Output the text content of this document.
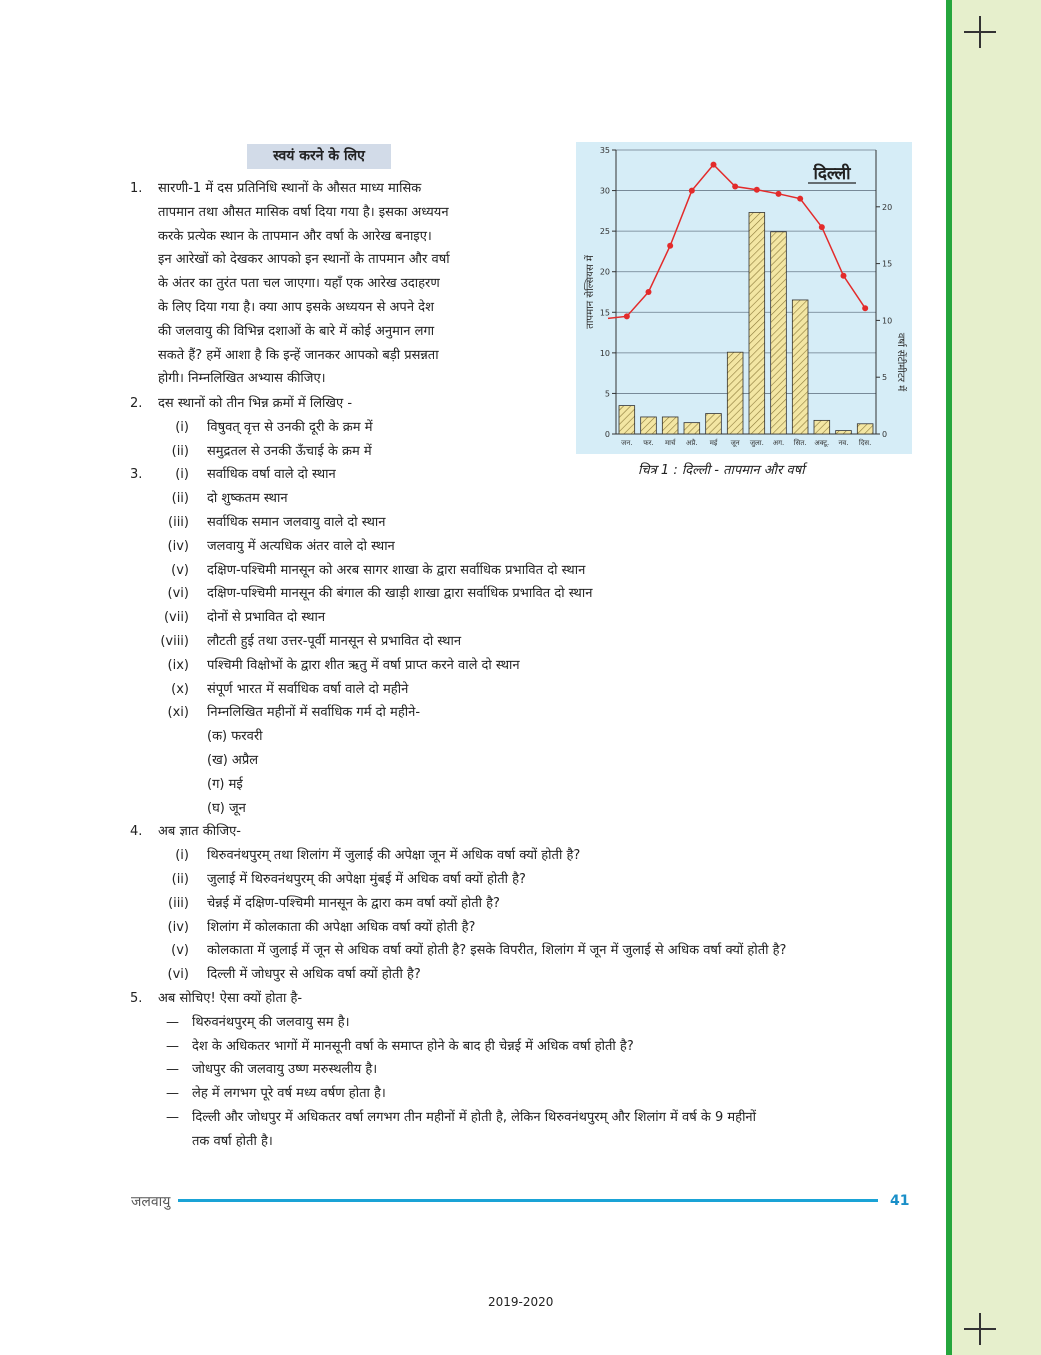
स्वयं करने के लिए
1. सारणी-1 में दस प्रतिनिधि स्थानों के औसत माध्य मासिक
तापमान तथा औसत मासिक वर्षा दिया गया है। इसका अध्ययन
करके प्रत्येक स्थान के तापमान और वर्षा के आरेख बनाइए।
इन आरेखों को देखकर आपको इन स्थानों के तापमान और वर्षा
के अंतर का तुरंत पता चल जाएगा। यहाँ एक आरेख उदाहरण
के लिए दिया गया है। क्या आप इसके अध्ययन से अपने देश
की जलवायु की विभिन्न दशाओं के बारे में कोई अनुमान लगा
सकते हैं? हमें आशा है कि इन्हें जानकर आपको बड़ी प्रसन्नता
होगी। निम्नलिखित अभ्यास कीजिए।
2. दस स्थानों को तीन भिन्न क्रमों में लिखिए -
(i) विषुवत् वृत्त से उनकी दूरी के क्रम में
(ii) समुद्रतल से उनकी ऊँचाई के क्रम में
3.	(i) सर्वाधिक वर्षा वाले दो स्थान
(ii) दो शुष्कतम स्थान
(iii) सर्वाधिक समान जलवायु वाले दो स्थान
(iv) जलवायु में अत्यधिक अंतर वाले दो स्थान
(v) दक्षिण-पश्चिमी मानसून को अरब सागर शाखा के द्वारा सर्वाधिक प्रभावित दो स्थान
(vi) दक्षिण-पश्चिमी मानसून की बंगाल की खाड़ी शाखा द्वारा सर्वाधिक प्रभावित दो स्थान
(vii) दोनों से प्रभावित दो स्थान
(viii) लौटती हुई तथा उत्तर-पूर्वी मानसून से प्रभावित दो स्थान
(ix) पश्चिमी विक्षोभों के द्वारा शीत ऋतु में वर्षा प्राप्त करने वाले दो स्थान
(x) संपूर्ण भारत में सर्वाधिक वर्षा वाले दो महीने
(xi) निम्नलिखित महीनों में सर्वाधिक गर्म दो महीने-
(क) फरवरी
(ख) अप्रैल
(ग) मई
(घ) जून
4. अब ज्ञात कीजिए-
(i) थिरुवनंथपुरम् तथा शिलांग में जुलाई की अपेक्षा जून में अधिक वर्षा क्यों होती है?
(ii) जुलाई में थिरुवनंथपुरम् की अपेक्षा मुंबई में अधिक वर्षा क्यों होती है?
(iii) चेन्नई में दक्षिण-पश्चिमी मानसून के द्वारा कम वर्षा क्यों होती है?
(iv) शिलांग में कोलकाता की अपेक्षा अधिक वर्षा क्यों होती है?
(v) कोलकाता में जुलाई में जून से अधिक वर्षा क्यों होती है? इसके विपरीत, शिलांग में जून में जुलाई से अधिक वर्षा क्यों होती है?
(vi) दिल्ली में जोधपुर से अधिक वर्षा क्यों होती है?
5. अब सोचिए! ऐसा क्यों होता है-
— थिरुवनंथपुरम् की जलवायु सम है।
— देश के अधिकतर भागों में मानसूनी वर्षा के समाप्त होने के बाद ही चेन्नई में अधिक वर्षा होती है?
— जोधपुर की जलवायु उष्ण मरुस्थलीय है।
— लेह में लगभग पूरे वर्ष मध्य वर्षण होता है।
— दिल्ली और जोधपुर में अधिकतर वर्षा लगभग तीन महीनों में होती है, लेकिन थिरुवनंथपुरम् और शिलांग में वर्ष के 9 महीनों
तक वर्षा होती है।
0
5
10
15
20
25
30
35
0
5
10
15
20
जन. फर. मार्च अप्रै. मई जून जुला. अग. सित. अक्टू. नव. दिस.
दिल्ली
तापमान सेल्सियस में
वर्षा सेंटीमीटर में
चित्र 1 : दिल्ली - तापमान और वर्षा
जलवायु	41
2019-2020
